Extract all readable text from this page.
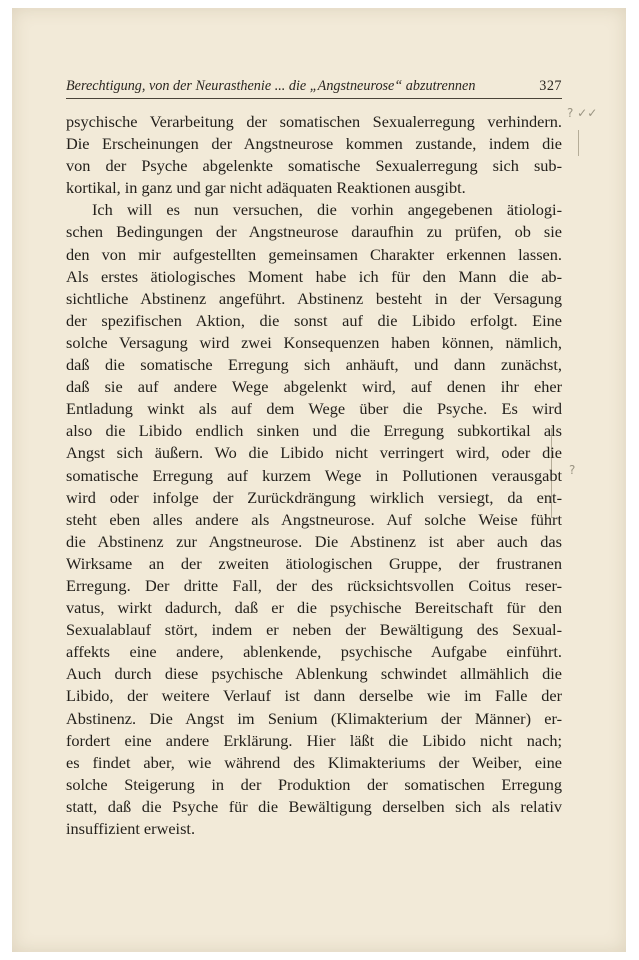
Berechtigung, von der Neurasthenie ... die „Angstneurose“ abzutrennen	327
? ✓✓
?
psychische Verarbeitung der somatischen Sexualerregung verhindern.
Die Erscheinungen der Angstneurose kommen zustande, indem die
von der Psyche abgelenkte somatische Sexualerregung sich sub-
kortikal, in ganz und gar nicht adäquaten Reaktionen ausgibt.
Ich will es nun versuchen, die vorhin angegebenen ätiologi-
schen Bedingungen der Angstneurose daraufhin zu prüfen, ob sie
den von mir aufgestellten gemeinsamen Charakter erkennen lassen.
Als erstes ätiologisches Moment habe ich für den Mann die ab-
sichtliche Abstinenz angeführt. Abstinenz besteht in der Versagung
der spezifischen Aktion, die sonst auf die Libido erfolgt. Eine
solche Versagung wird zwei Konsequenzen haben können, nämlich,
daß die somatische Erregung sich anhäuft, und dann zunächst,
daß sie auf andere Wege abgelenkt wird, auf denen ihr eher
Entladung winkt als auf dem Wege über die Psyche. Es wird
also die Libido endlich sinken und die Erregung subkortikal als
Angst sich äußern. Wo die Libido nicht verringert wird, oder die
somatische Erregung auf kurzem Wege in Pollutionen verausgabt
wird oder infolge der Zurückdrängung wirklich versiegt, da ent-
steht eben alles andere als Angstneurose. Auf solche Weise führt
die Abstinenz zur Angstneurose. Die Abstinenz ist aber auch das
Wirksame an der zweiten ätiologischen Gruppe, der frustranen
Erregung. Der dritte Fall, der des rücksichtsvollen Coitus reser-
vatus, wirkt dadurch, daß er die psychische Bereitschaft für den
Sexualablauf stört, indem er neben der Bewältigung des Sexual-
affekts eine andere, ablenkende, psychische Aufgabe einführt.
Auch durch diese psychische Ablenkung schwindet allmählich die
Libido, der weitere Verlauf ist dann derselbe wie im Falle der
Abstinenz. Die Angst im Senium (Klimakterium der Männer) er-
fordert eine andere Erklärung. Hier läßt die Libido nicht nach;
es findet aber, wie während des Klimakteriums der Weiber, eine
solche Steigerung in der Produktion der somatischen Erregung
statt, daß die Psyche für die Bewältigung derselben sich als relativ
insuffizient erweist.
